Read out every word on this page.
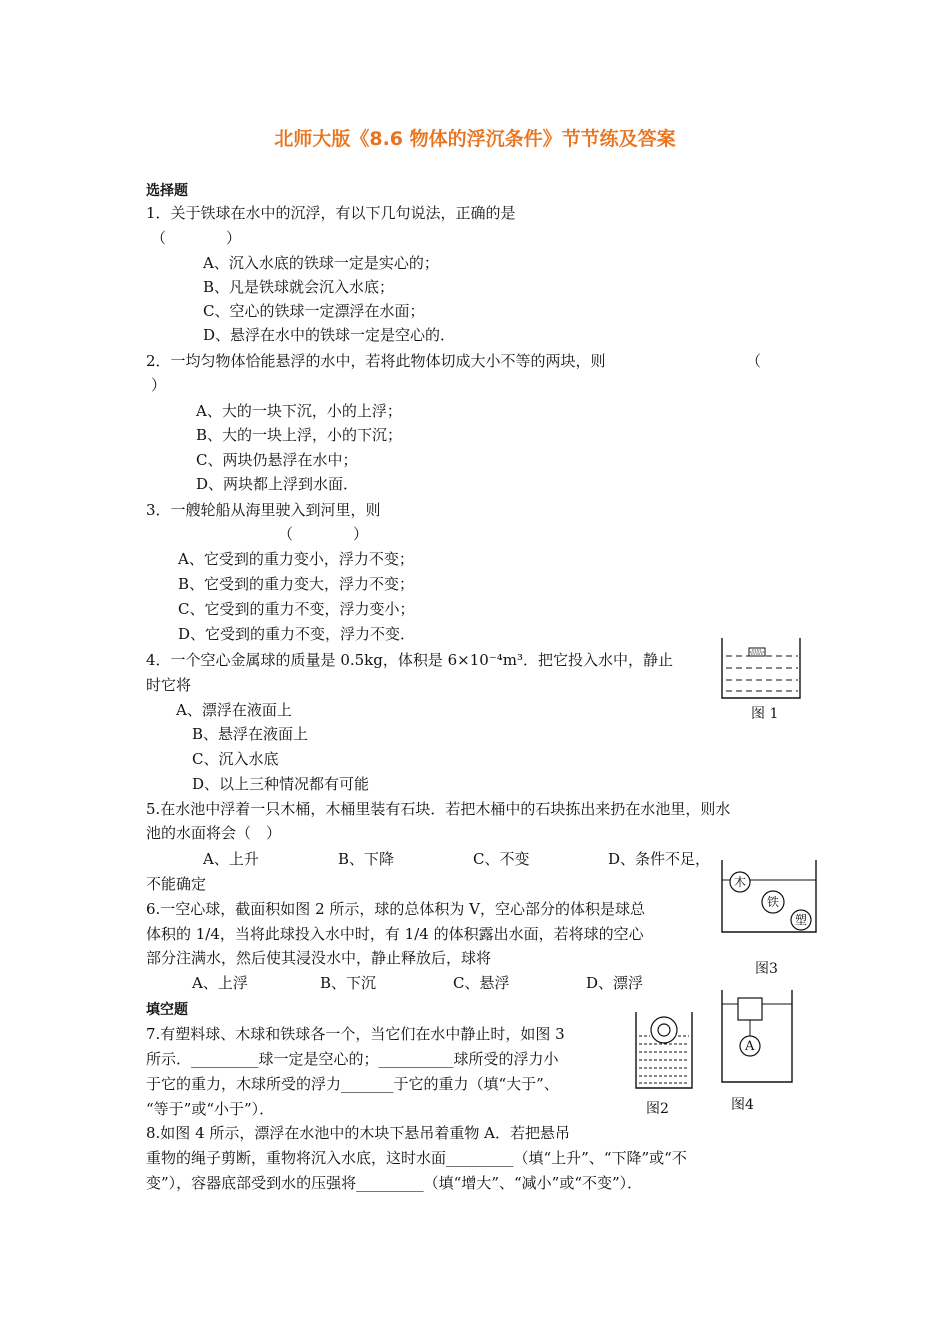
北师大版《8.6 物体的浮沉条件》节节练及答案
选择题
1．关于铁球在水中的沉浮，有以下几句说法，正确的是
（　　　　）
A、沉入水底的铁球一定是实心的；
B、凡是铁球就会沉入水底；
C、空心的铁球一定漂浮在水面；
D、悬浮在水中的铁球一定是空心的．
2．一均匀物体恰能悬浮的水中，若将此物体切成大小不等的两块，则	（
）
A、大的一块下沉，小的上浮；
B、大的一块上浮，小的下沉；
C、两块仍悬浮在水中；
D、两块都上浮到水面．
3．一艘轮船从海里驶入到河里，则
（　　　　）
A、它受到的重力变小，浮力不变；
B、它受到的重力变大，浮力不变；
C、它受到的重力不变，浮力变小；
D、它受到的重力不变，浮力不变．
4．一个空心金属球的质量是 0.5kg，体积是 6×10⁻⁴m³．把它投入水中，静止
时它将
A、漂浮在液面上
B、悬浮在液面上
C、沉入水底
D、以上三种情况都有可能
图 1
5.在水池中浮着一只木桶，木桶里装有石块．若把木桶中的石块拣出来扔在水池里，则水
池的水面将会（　）
A、上升	B、下降	C、不变	D、条件不足，
不能确定	木
铁
塑
图3
6.一空心球，截面积如图 2 所示，球的总体积为 V，空心部分的体积是球总
体积的 1/4，当将此球投入水中时，有 1/4 的体积露出水面，若将球的空心
部分注满水，然后使其浸没水中，静止释放后，球将
A、上浮	B、下沉	C、悬浮	D、漂浮
填空题
图2
A
图4
7.有塑料球、木球和铁球各一个，当它们在水中静止时，如图 3
所示．_________球一定是空心的；__________球所受的浮力小
于它的重力，木球所受的浮力_______于它的重力（填“大于”、
“等于”或“小于”）．
8.如图 4 所示，漂浮在水池中的木块下悬吊着重物 A．若把悬吊
重物的绳子剪断，重物将沉入水底，这时水面_________（填“上升”、“下降”或“不
变”），容器底部受到水的压强将_________（填“增大”、“减小”或“不变”）．
